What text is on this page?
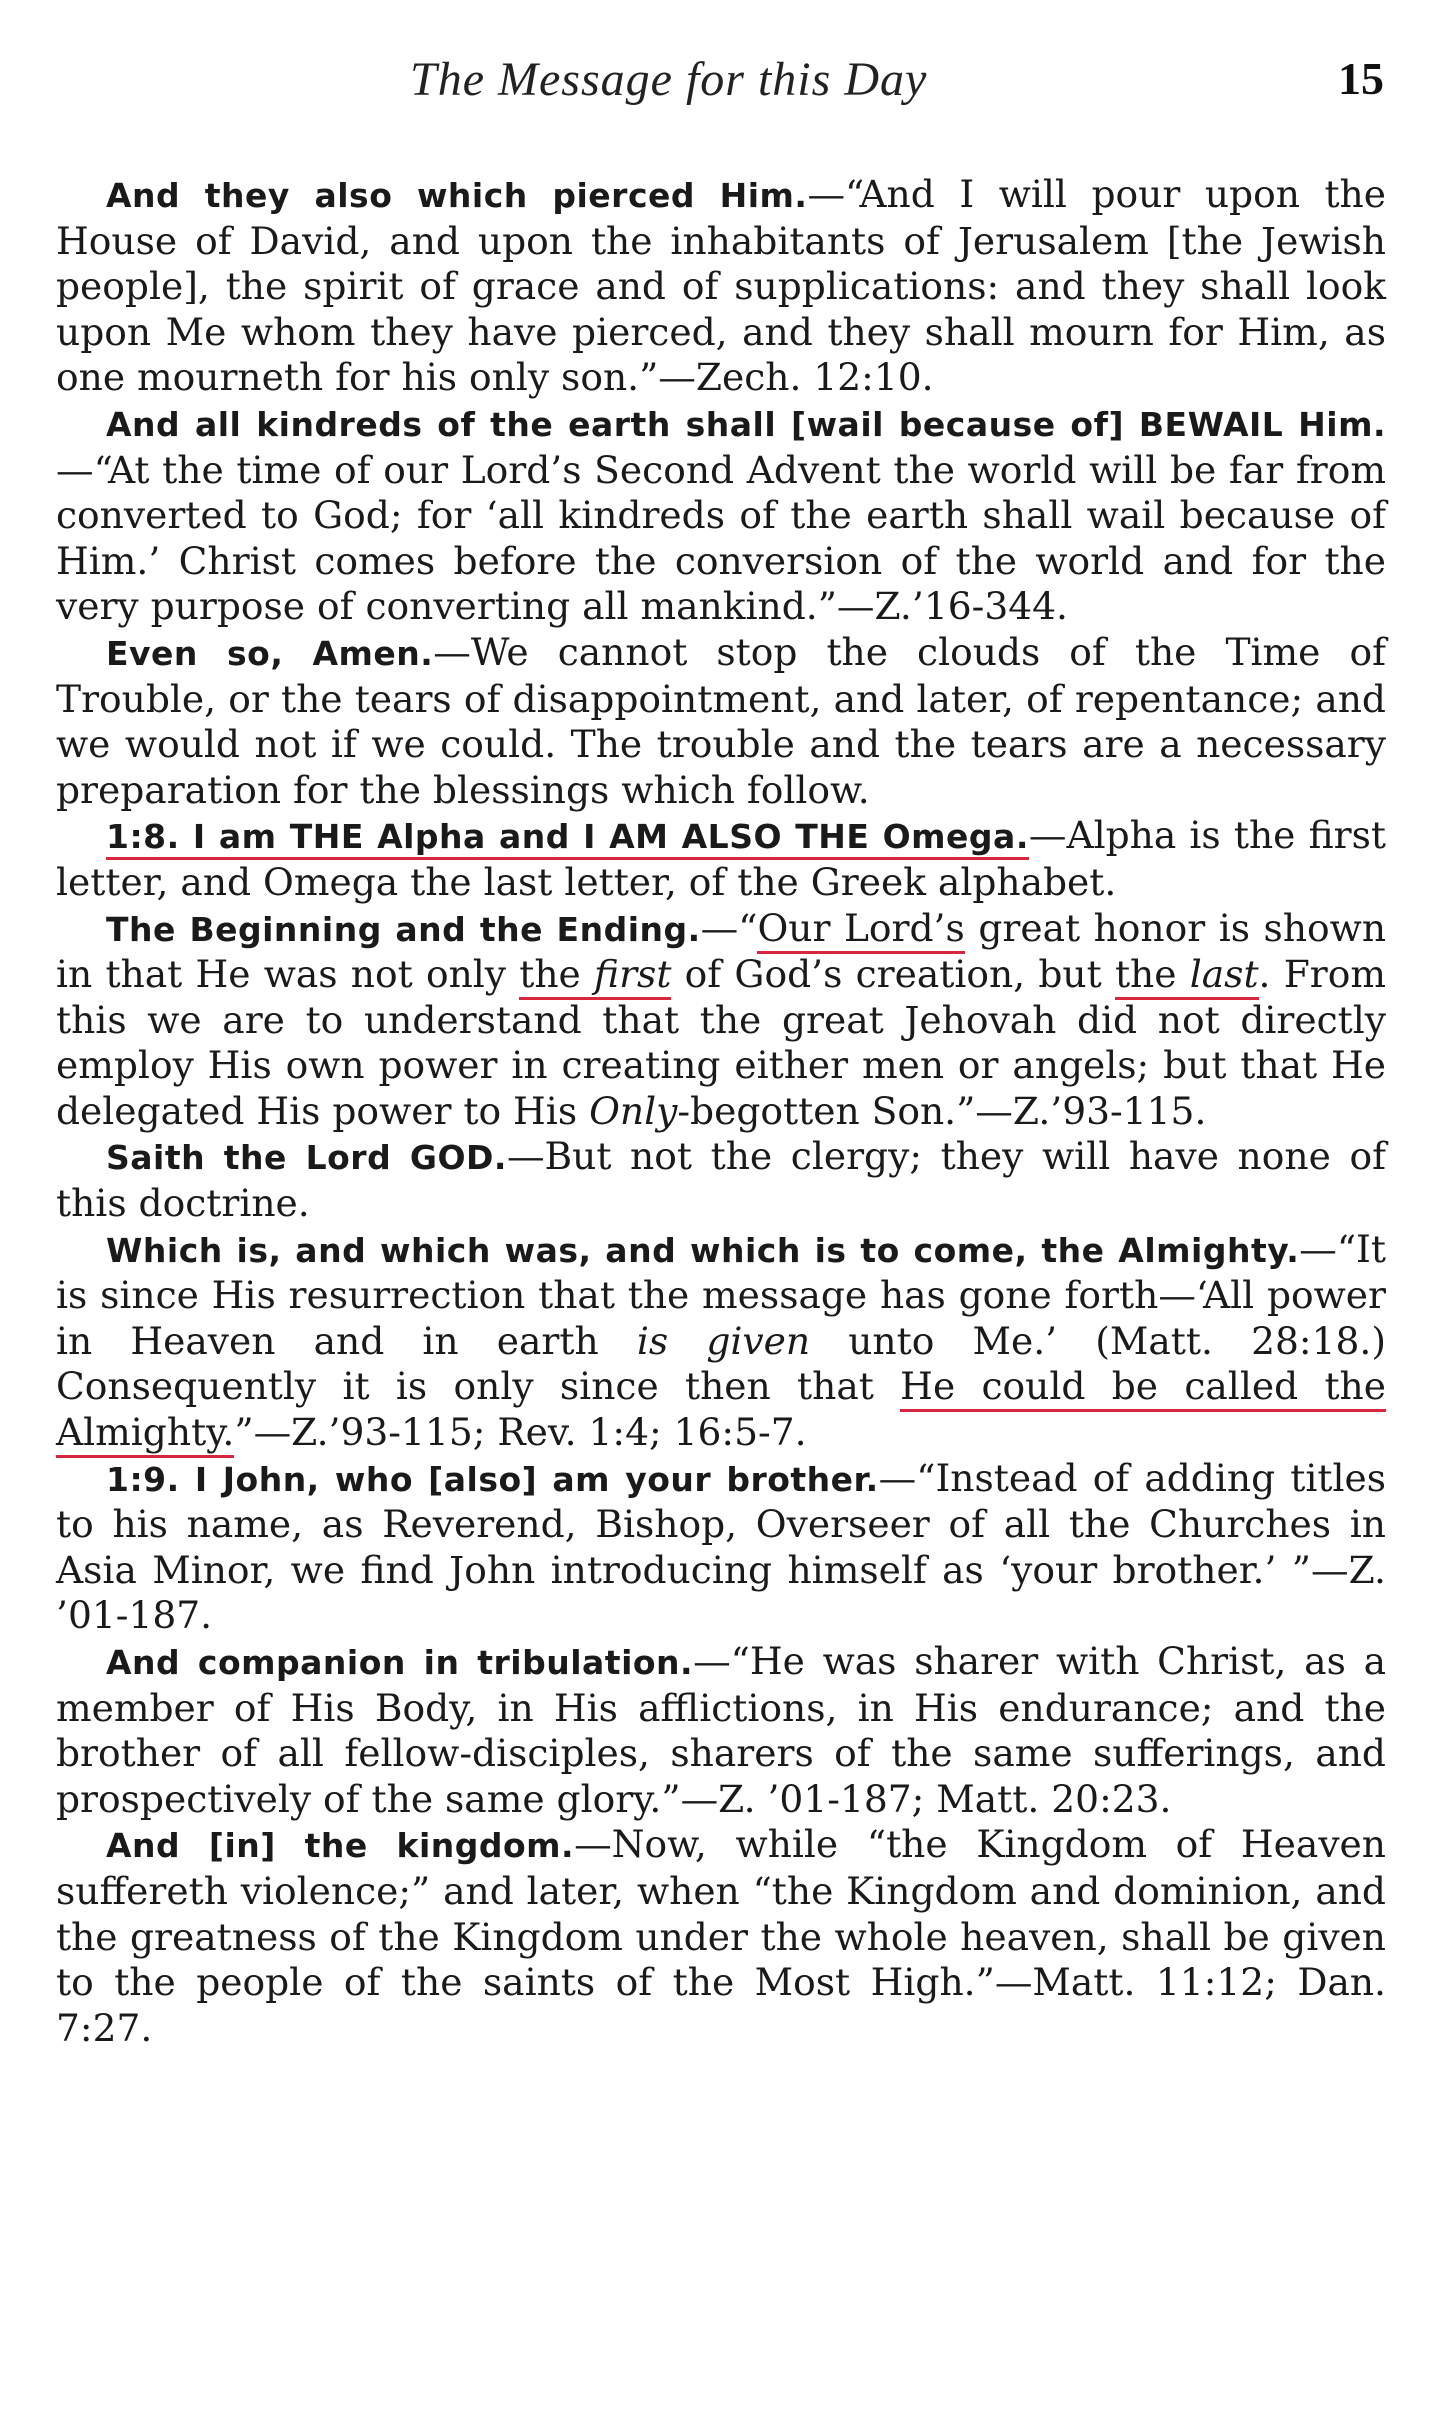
The Message for this Day	15

And they also which pierced Him.—“And I will pour upon the House of David, and upon the inhabitants of Jerusalem [the Jewish people], the spirit of grace and of supplications: and they shall look upon Me whom they have pierced, and they shall mourn for Him, as one mourneth for his only son.”—Zech. 12:10.

And all kindreds of the earth shall [wail because of] BEWAIL Him.—“At the time of our Lord’s Second Advent the world will be far from converted to God; for ‘all kindreds of the earth shall wail because of Him.’ Christ comes before the conversion of the world and for the very purpose of converting all mankind.”—Z.’16-344.

Even so, Amen.—We cannot stop the clouds of the Time of Trouble, or the tears of disappointment, and later, of repentance; and we would not if we could. The trouble and the tears are a necessary preparation for the blessings which follow.

1:8. I am THE Alpha and I AM ALSO THE Omega.—Alpha is the first letter, and Omega the last letter, of the Greek alphabet.

The Beginning and the Ending.—“Our Lord’s great honor is shown in that He was not only the first of God’s creation, but the last. From this we are to understand that the great Jehovah did not directly employ His own power in creating either men or angels; but that He delegated His power to His Only-begotten Son.”—Z.’93-115.

Saith the Lord GOD.—But not the clergy; they will have none of this doctrine.

Which is, and which was, and which is to come, the Almighty.—“It is since His resurrection that the message has gone forth—‘All power in Heaven and in earth is given unto Me.’ (Matt. 28:18.) Consequently it is only since then that He could be called the Almighty.”—Z.’93-115; Rev. 1:4; 16:5-7.

1:9. I John, who [also] am your brother.—“Instead of adding titles to his name, as Reverend, Bishop, Overseer of all the Churches in Asia Minor, we find John introducing himself as ‘your brother.’ ”—Z. ’01-187.

And companion in tribulation.—“He was sharer with Christ, as a member of His Body, in His afflictions, in His endurance; and the brother of all fellow-disciples, sharers of the same sufferings, and prospectively of the same glory.”—Z. ’01-187; Matt. 20:23.

And [in] the kingdom.—Now, while “the Kingdom of Heaven suffereth violence;” and later, when “the Kingdom and dominion, and the greatness of the Kingdom under the whole heaven, shall be given to the people of the saints of the Most High.”—Matt. 11:12; Dan. 7:27.
